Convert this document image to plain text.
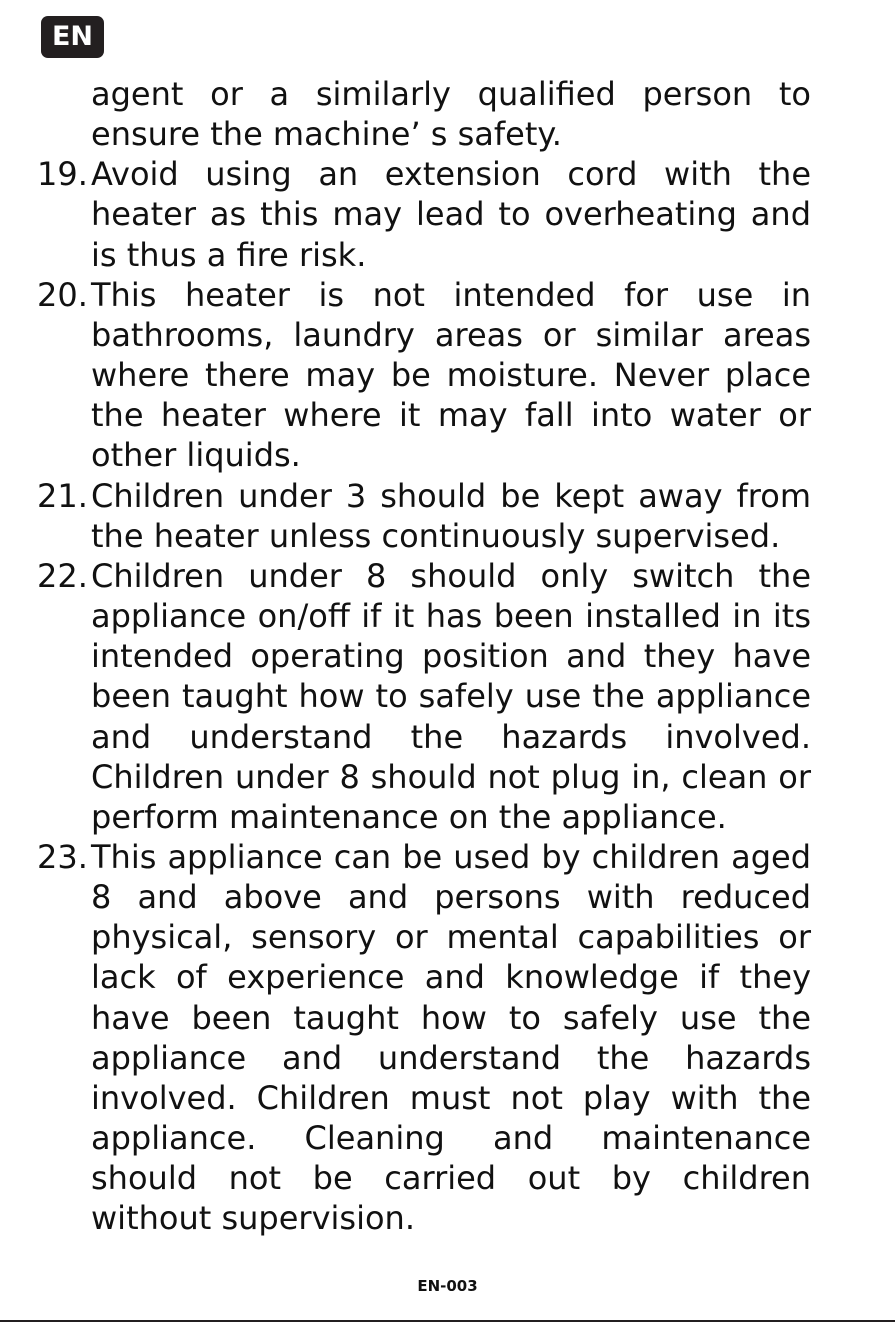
EN
agent or a similarly qualified person to ensure the machine’ s safety.
19. Avoid using an extension cord with the heater as this may lead to overheating and is thus a fire risk.
20. This heater is not intended for use in bathrooms, laundry areas or similar areas where there may be moisture. Never place the heater where it may fall into water or other liquids.
21. Children under 3 should be kept away from the heater unless continuously supervised.
22. Children under 8 should only switch the appliance on/off if it has been installed in its intended operating position and they have been taught how to safely use the appliance and understand the hazards involved. Children under 8 should not plug in, clean or perform maintenance on the appliance.
23. This appliance can be used by children aged 8 and above and persons with reduced physical, sensory or mental capabilities or lack of experience and knowledge if they have been taught how to safely use the appliance and understand the hazards involved. Children must not play with the appliance. Cleaning and maintenance should not be carried out by children without supervision.
EN-003
